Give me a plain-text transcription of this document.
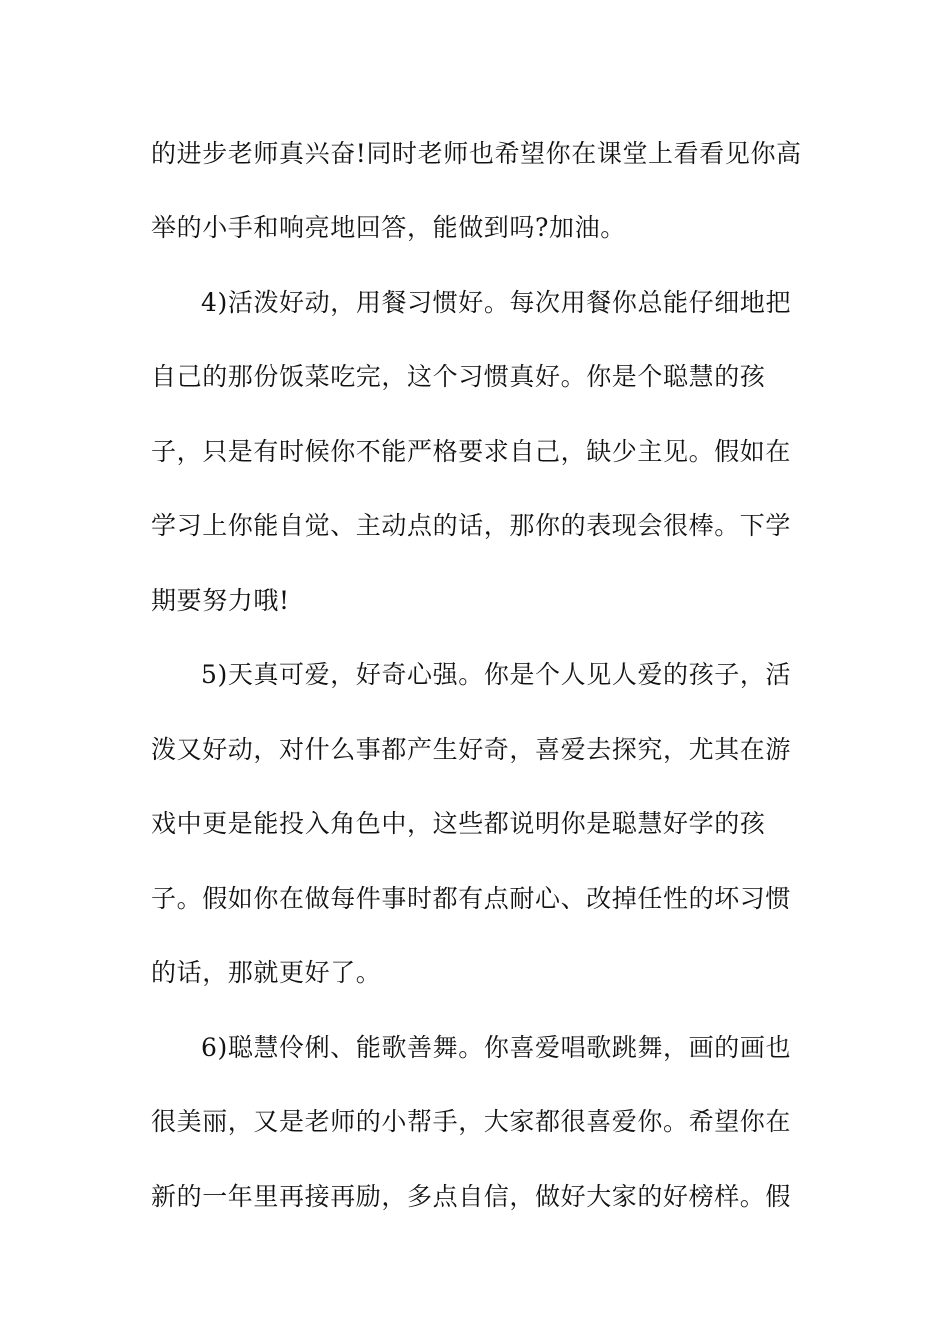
的进步老师真兴奋!同时老师也希望你在课堂上看看见你高
举的小手和响亮地回答，能做到吗?加油。
4)活泼好动，用餐习惯好。每次用餐你总能仔细地把
自己的那份饭菜吃完，这个习惯真好。你是个聪慧的孩
子，只是有时候你不能严格要求自己，缺少主见。假如在
学习上你能自觉、主动点的话，那你的表现会很棒。下学
期要努力哦!
5)天真可爱，好奇心强。你是个人见人爱的孩子，活
泼又好动，对什么事都产生好奇，喜爱去探究，尤其在游
戏中更是能投入角色中，这些都说明你是聪慧好学的孩
子。假如你在做每件事时都有点耐心、改掉任性的坏习惯
的话，那就更好了。
6)聪慧伶俐、能歌善舞。你喜爱唱歌跳舞，画的画也
很美丽，又是老师的小帮手，大家都很喜爱你。希望你在
新的一年里再接再励，多点自信，做好大家的好榜样。假
